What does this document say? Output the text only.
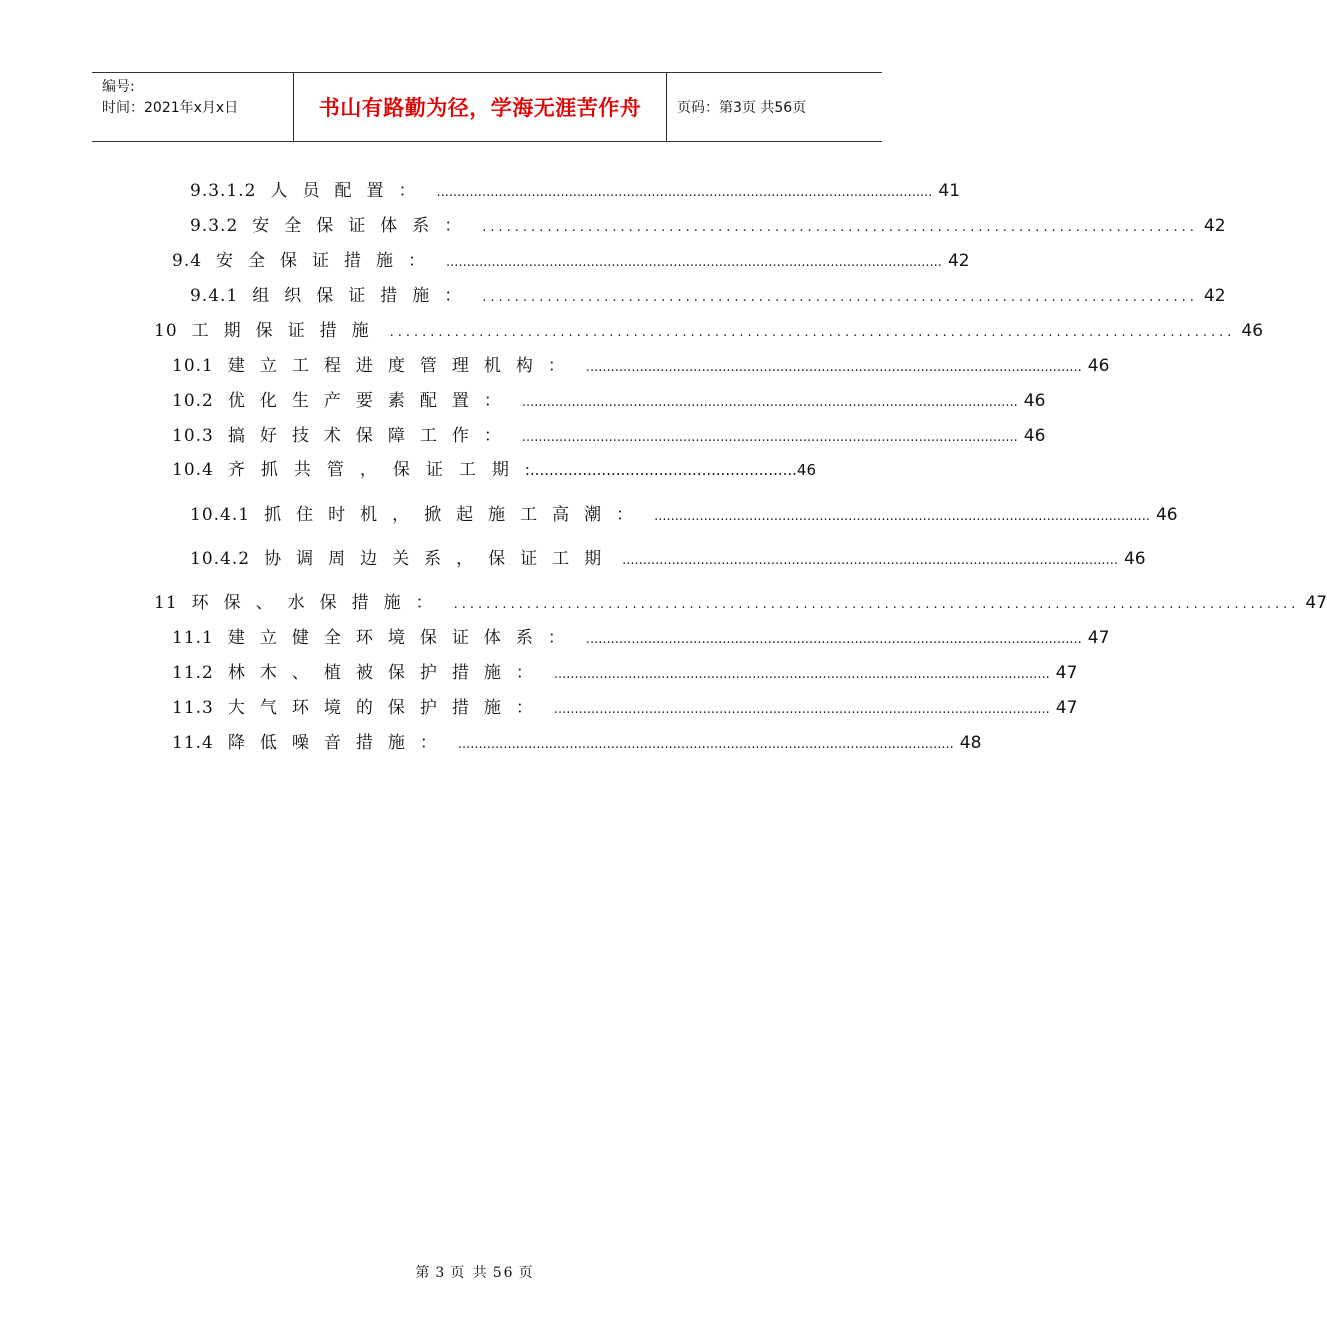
编号:
时间：2021年x月x日	书山有路勤为径，学海无涯苦作舟	页码：第3页 共56页
9.3.1.2 人员配置： ........................................................................................................................ 41
9.3.2 安全保证体系： ........................................................................................ 42
9.4 安全保证措施： ........................................................................................................................ 42
9.4.1 组织保证措施： ........................................................................................ 42
10 工期保证措施 ........................................................................................................ 46
10.1 建立工程进度管理机构： ........................................................................................................................ 46
10.2 优化生产要素配置： ........................................................................................................................ 46
10.3 搞好技术保障工作： ........................................................................................................................ 46
10.4 齐抓共管，保证工期 :........................................................46
10.4.1 抓住时机，掀起施工高潮： ........................................................................................................................ 46
10.4.2 协调周边关系，保证工期 ........................................................................................................................ 46
11 环保、水保措施： ........................................................................................................ 47
11.1 建立健全环境保证体系： ........................................................................................................................ 47
11.2 林木、植被保护措施： ........................................................................................................................ 47
11.3 大气环境的保护措施： ........................................................................................................................ 47
11.4 降低噪音措施： ........................................................................................................................ 48
第 3 页 共 56 页
